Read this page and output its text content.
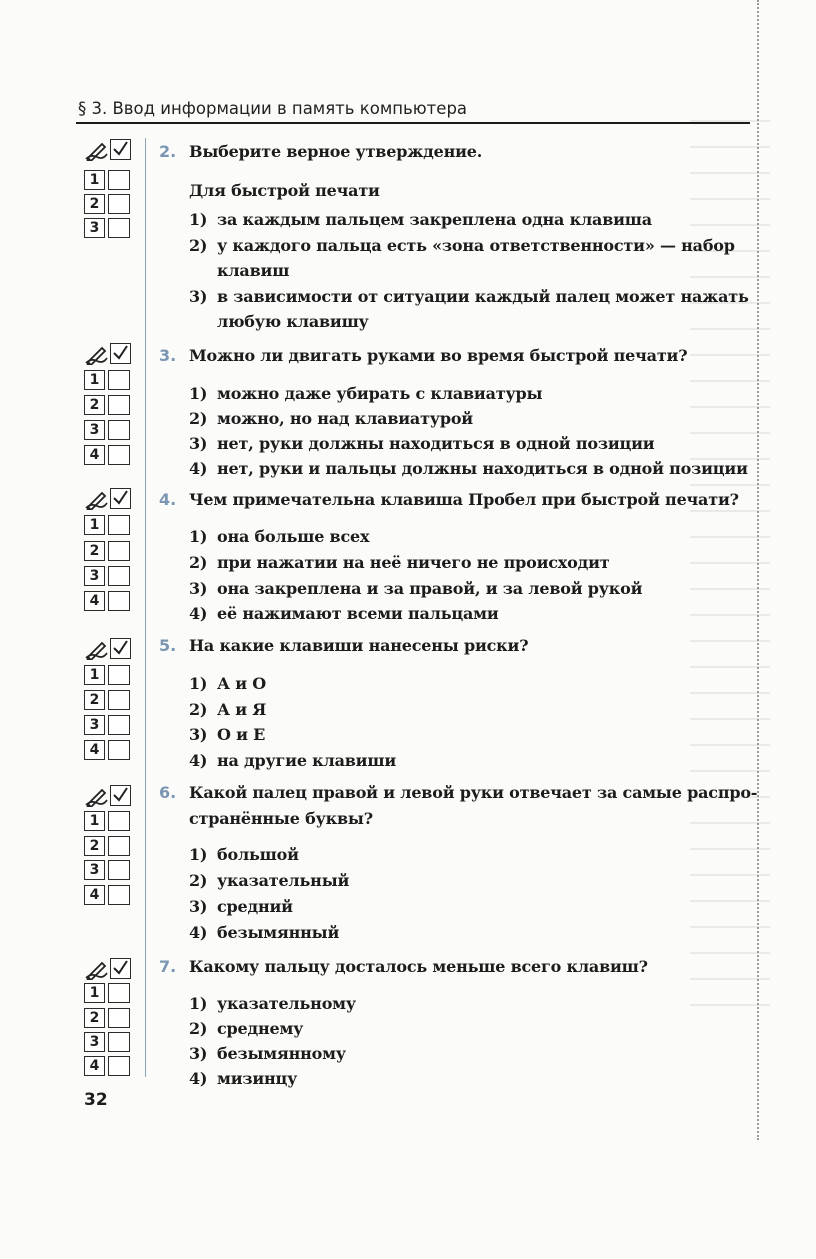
§ 3. Ввод информации в память компьютера
1
2
3
2. Выберите верное утверждение.
Для быстрой печати
1) за каждым пальцем закреплена одна клавиша
2) у каждого пальца есть «зона ответственности» — набор
клавиш
3) в зависимости от ситуации каждый палец может нажать
любую клавишу
1
2
3
4
3. Можно ли двигать руками во время быстрой печати?
1) можно даже убирать с клавиатуры
2) можно, но над клавиатурой
3) нет, руки должны находиться в одной позиции
4) нет, руки и пальцы должны находиться в одной позиции
1
2
3
4
4. Чем примечательна клавиша Пробел при быстрой печати?
1) она больше всех
2) при нажатии на неё ничего не происходит
3) она закреплена и за правой, и за левой рукой
4) её нажимают всеми пальцами
1
2
3
4
5. На какие клавиши нанесены риски?
1) А и О
2) А и Я
3) О и Е
4) на другие клавиши
1
2
3
4
6. Какой палец правой и левой руки отвечает за самые распро-
странённые буквы?
1) большой
2) указательный
3) средний
4) безымянный
1
2
3
4
7. Какому пальцу досталось меньше всего клавиш?
1) указательному
2) среднему
3) безымянному
4) мизинцу
32
